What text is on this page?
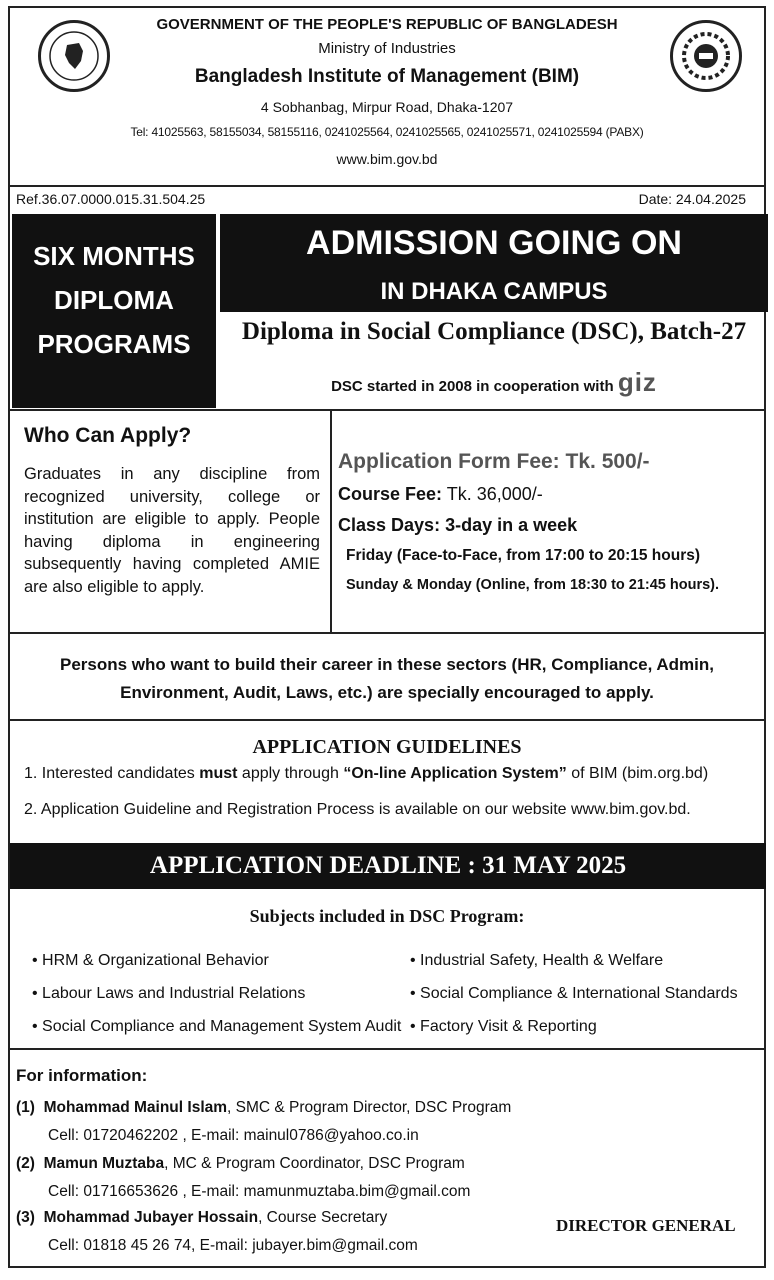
GOVERNMENT OF THE PEOPLE'S REPUBLIC OF BANGLADESH
Ministry of Industries
Bangladesh Institute of Management (BIM)
4 Sobhanbag, Mirpur Road, Dhaka-1207
Tel: 41025563, 58155034, 58155116, 0241025564, 0241025565, 0241025571, 0241025594 (PABX)
www.bim.gov.bd
Ref.36.07.0000.015.31.504.25	Date: 24.04.2025
SIX MONTHS
DIPLOMA
PROGRAMS
ADMISSION GOING ON
IN DHAKA CAMPUS
Diploma in Social Compliance (DSC), Batch-27
DSC started in 2008 in cooperation with giz
Who Can Apply?
Graduates in any discipline from recognized university, college or institution are eligible to apply. People having diploma in engineering subsequently having completed AMIE are also eligible to apply.
Application Form Fee: Tk. 500/-
Course Fee: Tk. 36,000/-
Class Days: 3-day in a week
Friday (Face-to-Face, from 17:00 to 20:15 hours)
Sunday & Monday (Online, from 18:30 to 21:45 hours).
Persons who want to build their career in these sectors (HR, Compliance, Admin,
Environment, Audit, Laws, etc.) are specially encouraged to apply.
APPLICATION GUIDELINES
1. Interested candidates must apply through “On-line Application System” of BIM (bim.org.bd)
2. Application Guideline and Registration Process is available on our website www.bim.gov.bd.
APPLICATION DEADLINE : 31 MAY 2025
Subjects included in DSC Program:
• HRM & Organizational Behavior
• Labour Laws and Industrial Relations
• Social Compliance and Management System Audit
• Industrial Safety, Health & Welfare
• Social Compliance & International Standards
• Factory Visit & Reporting
For information:
(1) Mohammad Mainul Islam, SMC & Program Director, DSC Program
Cell: 01720462202 , E-mail: mainul0786@yahoo.co.in
(2) Mamun Muztaba, MC & Program Coordinator, DSC Program
Cell: 01716653626 , E-mail: mamunmuztaba.bim@gmail.com
(3) Mohammad Jubayer Hossain, Course Secretary
Cell: 01818 45 26 74, E-mail: jubayer.bim@gmail.com
DIRECTOR GENERAL
